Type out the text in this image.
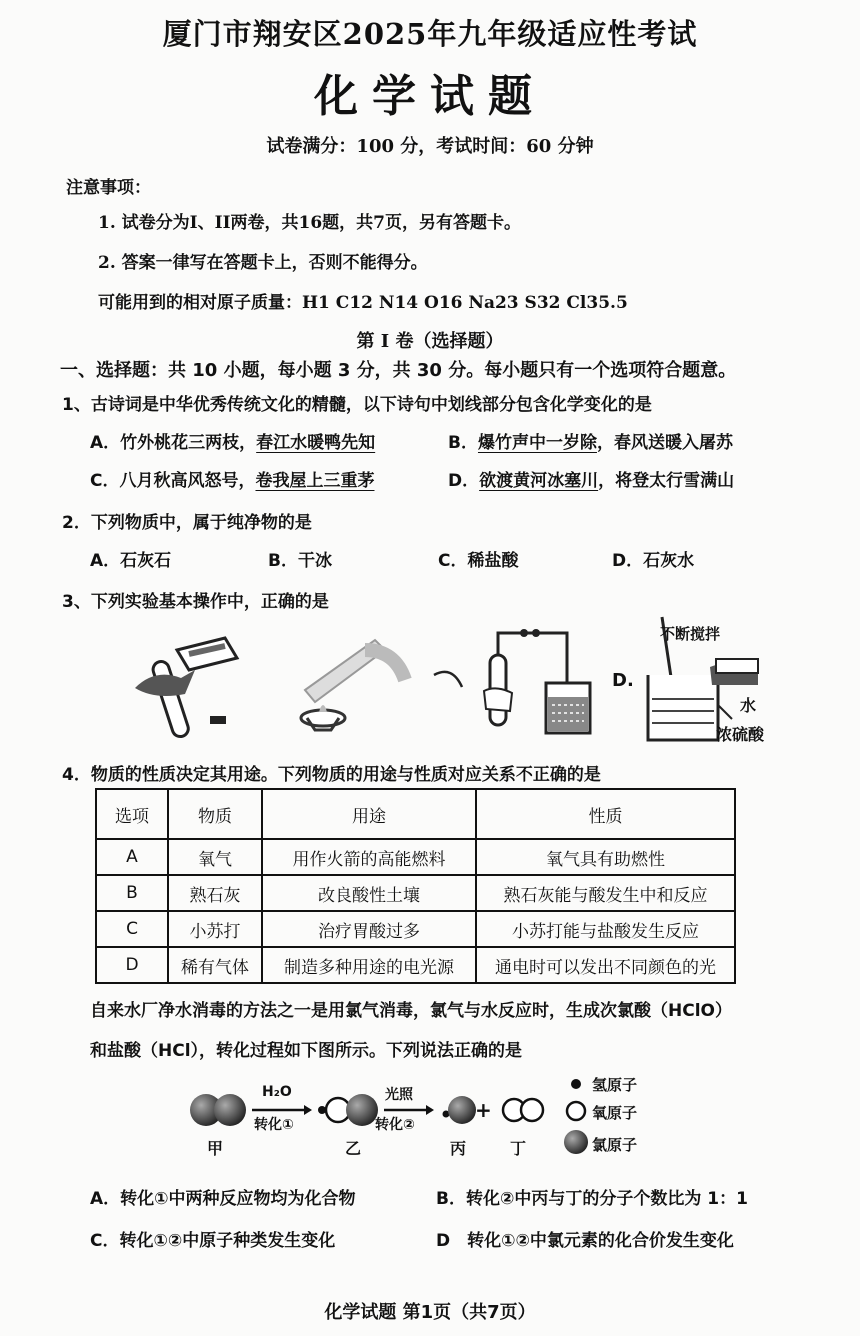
厦门市翔安区2025年九年级适应性考试
化学试题
试卷满分：100 分，考试时间：60 分钟
注意事项：
1. 试卷分为I、II两卷，共16题，共7页，另有答题卡。
2. 答案一律写在答题卡上，否则不能得分。
可能用到的相对原子质量：H1 C12 N14 O16 Na23 S32 Cl35.5
第 I 卷（选择题）
一、选择题：共 10 小题，每小题 3 分，共 30 分。每小题只有一个选项符合题意。
1、古诗词是中华优秀传统文化的精髓，以下诗句中划线部分包含化学变化的是
A．竹外桃花三两枝，春江水暖鸭先知	B．爆竹声中一岁除，春风送暖入屠苏
C．八月秋高风怒号，卷我屋上三重茅	D．欲渡黄河冰塞川，将登太行雪满山
2．下列物质中，属于纯净物的是
A．石灰石	B．干冰	C．稀盐酸	D．石灰水
3、下列实验基本操作中，正确的是
D.
不断搅拌
水
浓硫酸
4．物质的性质决定其用途。下列物质的用途与性质对应关系不正确的是
选项	物质	用途	性质
A	氧气	用作火箭的高能燃料	氧气具有助燃性
B	熟石灰	改良酸性土壤	熟石灰能与酸发生中和反应
C	小苏打	治疗胃酸过多	小苏打能与盐酸发生反应
D	稀有气体	制造多种用途的电光源	通电时可以发出不同颜色的光
自来水厂净水消毒的方法之一是用氯气消毒，氯气与水反应时，生成次氯酸（HClO）
和盐酸（HCl），转化过程如下图所示。下列说法正确的是
H₂O
转化①
光照
转化②
+
甲	乙	丙	丁
氢原子
氧原子
氯原子
A．转化①中两种反应物均为化合物	B．转化②中丙与丁的分子个数比为 1：1
C．转化①②中原子种类发生变化	D　转化①②中氯元素的化合价发生变化
化学试题 第1页（共7页）
